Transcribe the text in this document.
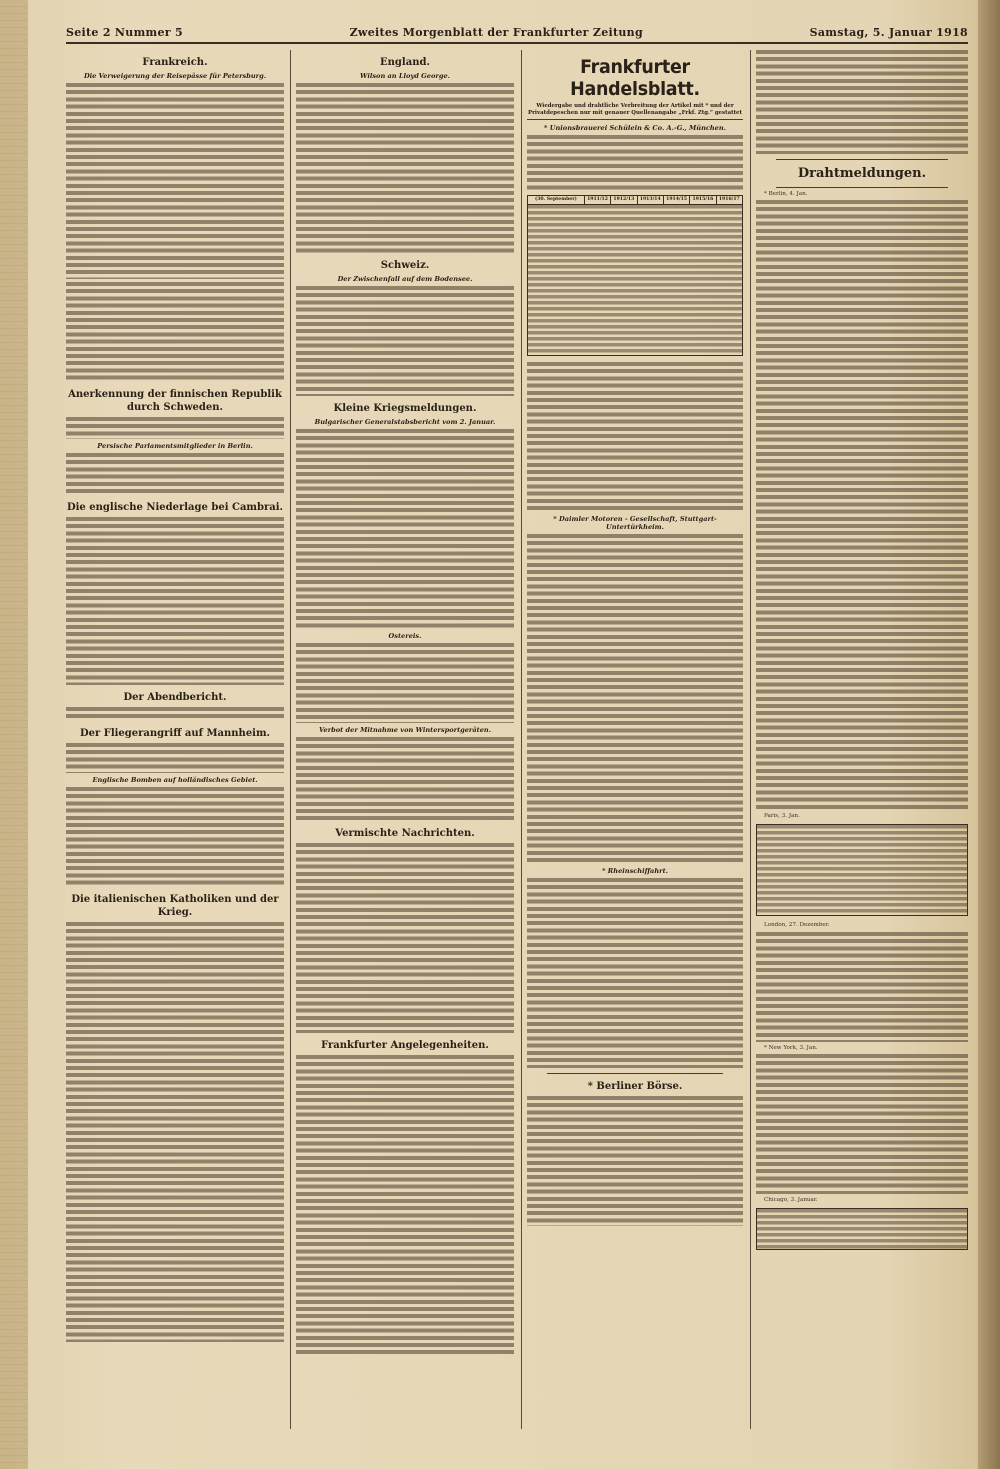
Seite 2 Nummer 5	Zweites Morgenblatt der Frankfurter Zeitung	Samstag, 5. Januar 1918
Frankreich.
Die Verweigerung der Reisepässe für Petersburg.
Anerkennung der finnischen Republik durch Schweden.
Persische Parlamentsmitglieder in Berlin.
Die englische Niederlage bei Cambrai.
Der Abendbericht.
Der Fliegerangriff auf Mannheim.
Englische Bomben auf holländisches Gebiet.
Die italienischen Katholiken und der Krieg.
England.
Wilson an Lloyd George.
Schweiz.
Der Zwischenfall auf dem Bodensee.
Kleine Kriegsmeldungen.
Bulgarischer Generalstabsbericht vom 2. Januar.
Ostereis.
Verbot der Mitnahme von Wintersportgeräten.
Vermischte Nachrichten.
Frankfurter Angelegenheiten.
Frankfurter Handelsblatt.
Wiedergabe und drahtliche Verbreitung der Artikel mit * und der Privatdepeschen nur mit genauer Quellenangabe „Frkf. Ztg.“ gestattet
* Unionsbrauerei Schülein & Co. A.-G., München.
(30. September)	1911/12	1912/13	1913/14	1914/15	1915/16	1916/17
* Daimler Motoren - Gesellschaft, Stuttgart-Untertürkheim.
* Rheinschiffahrt.
* Berliner Börse.
Drahtmeldungen.

* Berlin, 4. Jan.

Paris, 3. Jan.

London, 27. Dezember.

* New York, 3. Jan.

Chicago, 3. Januar.
